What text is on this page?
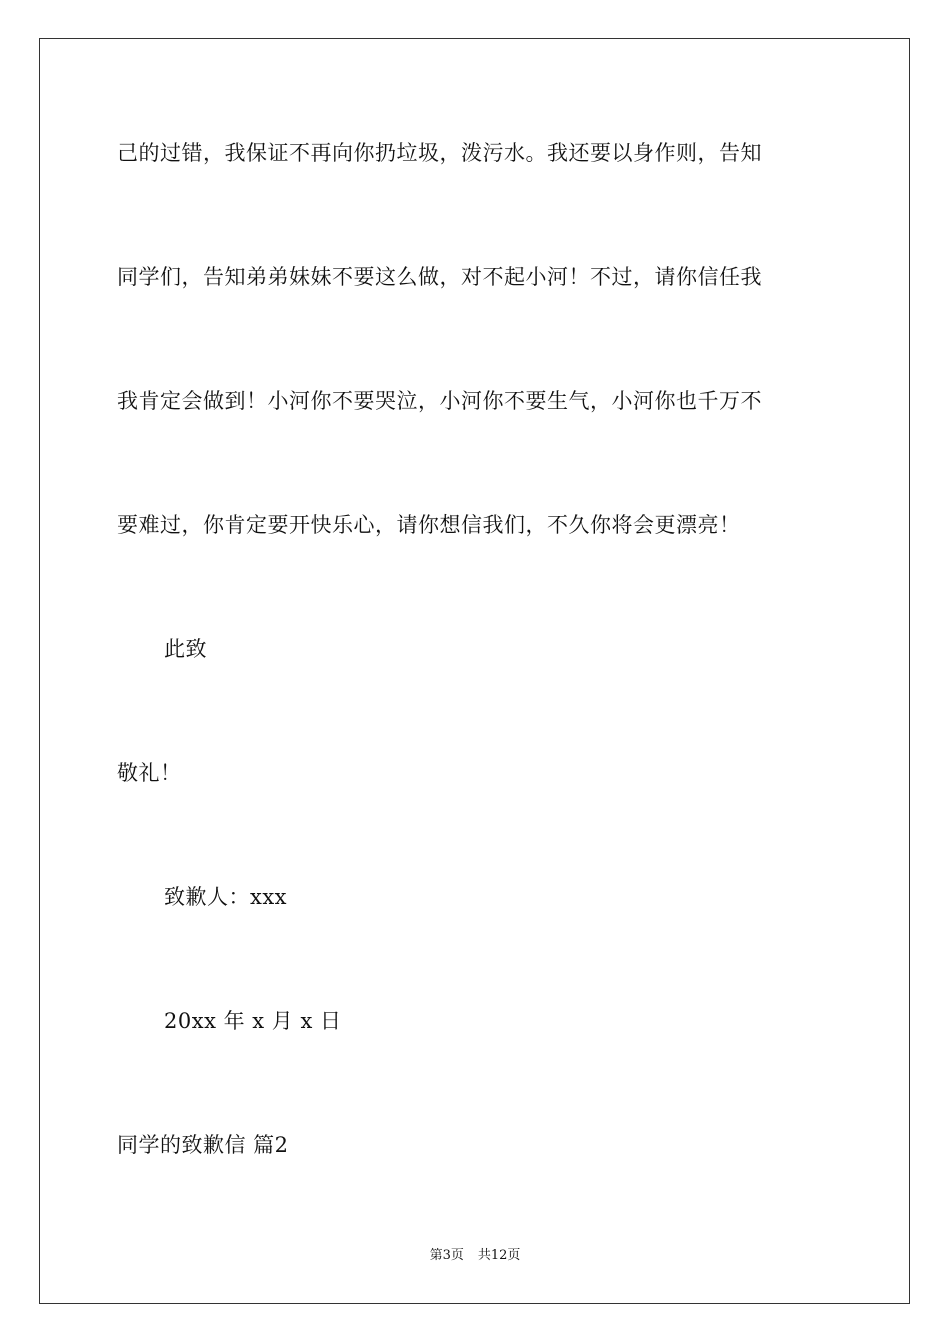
己的过错，我保证不再向你扔垃圾，泼污水。我还要以身作则，告知
同学们，告知弟弟妹妹不要这么做，对不起小河！不过，请你信任我
我肯定会做到！小河你不要哭泣，小河你不要生气，小河你也千万不
要难过，你肯定要开快乐心，请你想信我们，不久你将会更漂亮！
此致
敬礼！
致歉人：xxx
20xx 年 x 月 x 日
同学的致歉信 篇2
第3页 共12页
